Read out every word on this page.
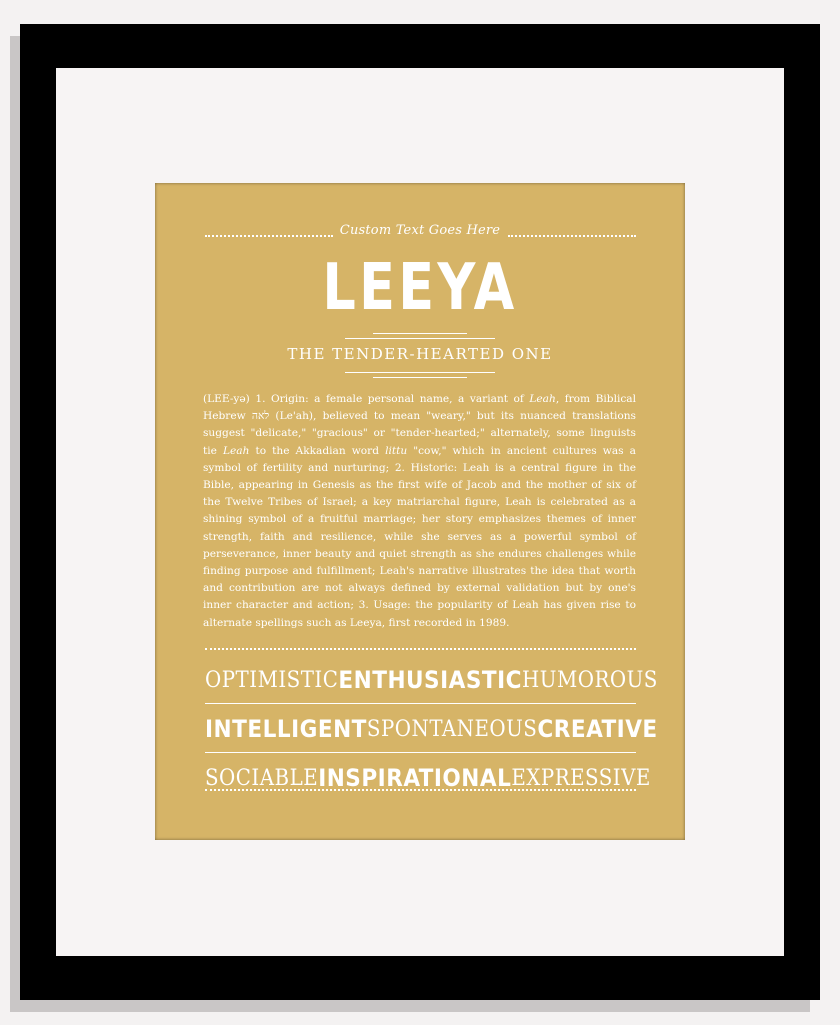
Custom Text Goes Here
LEEYA
THE TENDER-HEARTED ONE
(LEE-yə) 1. Origin: a female personal name, a variant of Leah, from Biblical Hebrew לאה (Le'ah), believed to mean "weary," but its nuanced translations suggest "delicate," "gracious" or "tender-hearted;" alternately, some linguists tie Leah to the Akkadian word littu "cow," which in ancient cultures was a symbol of fertility and nurturing; 2. Historic: Leah is a central figure in the Bible, appearing in Genesis as the first wife of Jacob and the mother of six of the Twelve Tribes of Israel; a key matriarchal figure, Leah is celebrated as a shining symbol of a fruitful marriage; her story emphasizes themes of inner strength, faith and resilience, while she serves as a powerful symbol of perseverance, inner beauty and quiet strength as she endures challenges while finding purpose and fulfillment; Leah's narrative illustrates the idea that worth and contribution are not always defined by external validation but by one's inner character and action; 3. Usage: the popularity of Leah has given rise to alternate spellings such as Leeya, first recorded in 1989.
OPTIMISTIC ENTHUSIASTIC HUMOROUS
INTELLIGENT SPONTANEOUS CREATIVE
SOCIABLE INSPIRATIONAL EXPRESSIVE
